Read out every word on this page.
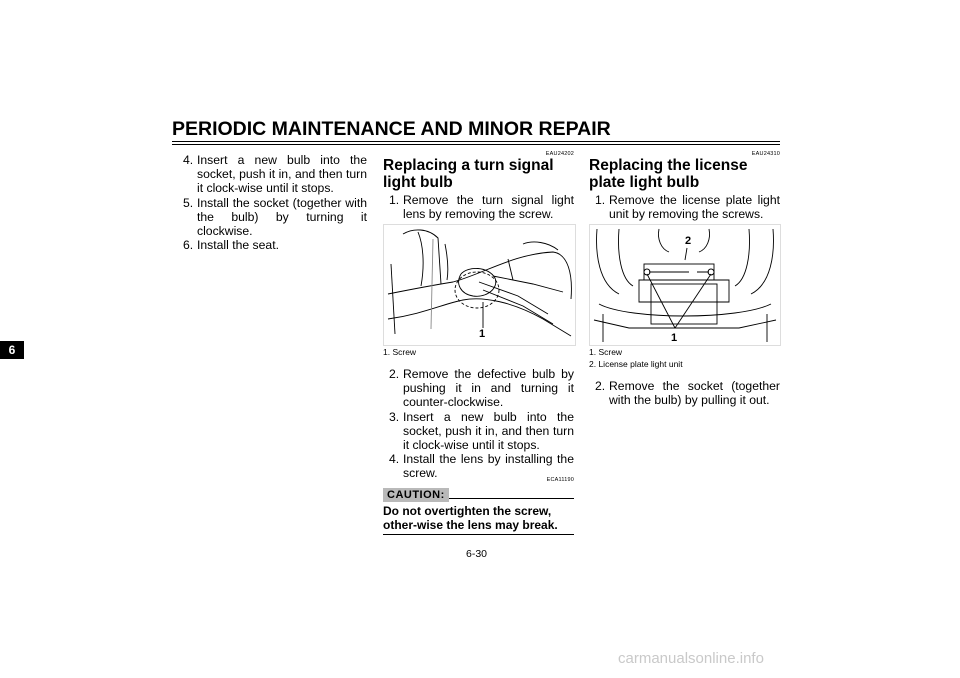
PERIODIC MAINTENANCE AND MINOR REPAIR
6
4. Insert a new bulb into the socket, push it in, and then turn it clock-wise until it stops.
5. Install the socket (together with the bulb) by turning it clockwise.
6. Install the seat.
EAU24202
Replacing a turn signal light bulb
1. Remove the turn signal light lens by removing the screw.
1
1. Screw
2. Remove the defective bulb by pushing it in and turning it counter-clockwise.
3. Insert a new bulb into the socket, push it in, and then turn it clock-wise until it stops.
4. Install the lens by installing the screw.	ECA11190
CAUTION:
Do not overtighten the screw, other-wise the lens may break.
EAU24310
Replacing the license plate light bulb
1. Remove the license plate light unit by removing the screws.
2
1
1. Screw
2. License plate light unit
2. Remove the socket (together with the bulb) by pulling it out.
6-30
carmanualsonline.info
